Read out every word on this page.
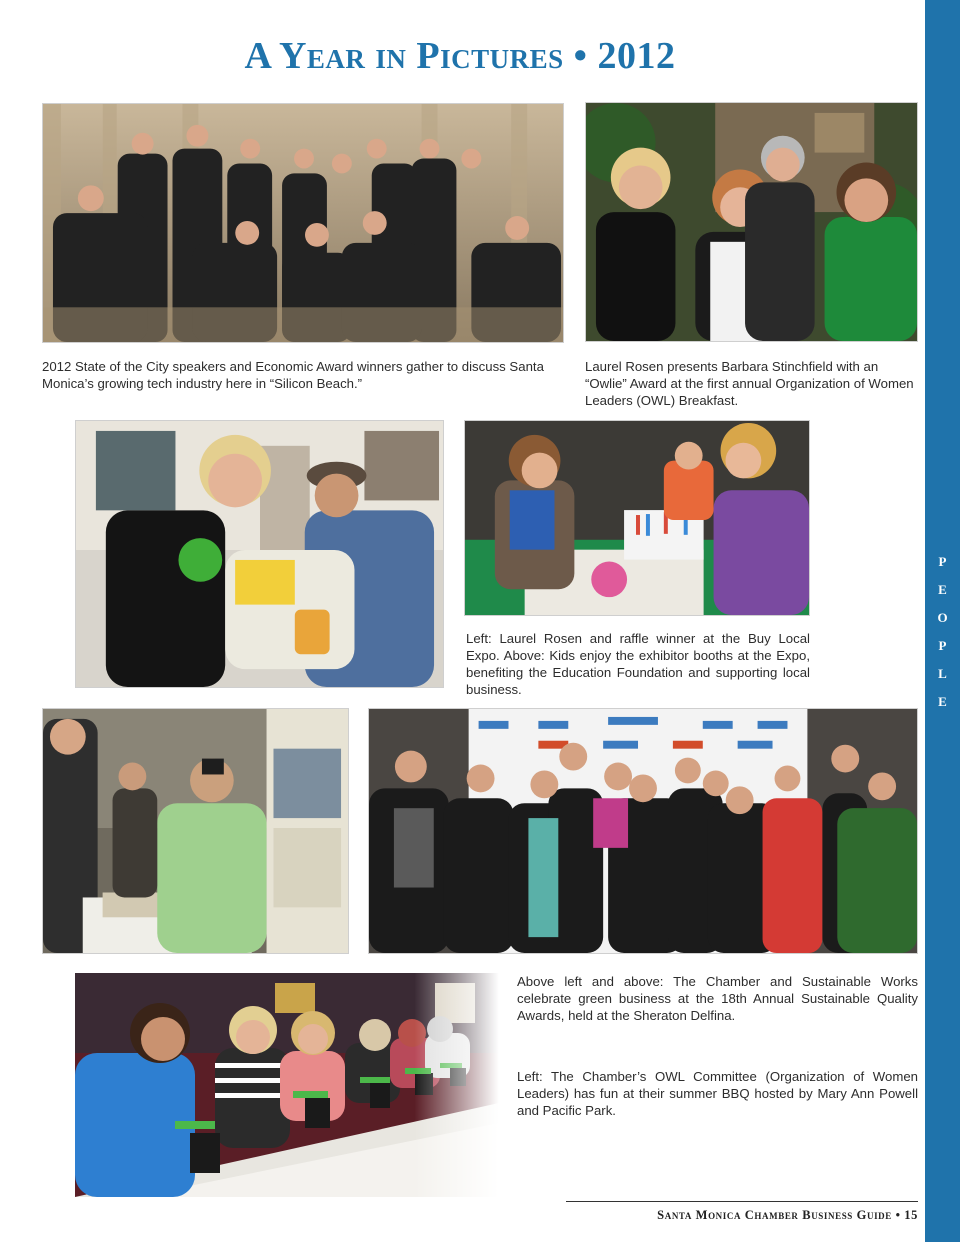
A Year in Pictures • 2012
P E O P L E
2012 State of the City speakers and Economic Award winners gather to discuss Santa Monica’s growing tech industry here in “Silicon Beach.”
Laurel Rosen presents Barbara Stinchfield with an “Owlie” Award at the first annual Organization of Women Leaders (OWL) Breakfast.
Left: Laurel Rosen and raffle winner at the Buy Local Expo. Above: Kids enjoy the exhibitor booths at the Expo, benefiting the Education Foundation and supporting local business.
Above left and above: The Chamber and Sustainable Works celebrate green business at the 18th Annual Sustainable Quality Awards, held at the Sheraton Delfina.
Left: The Chamber’s OWL Committee (Organization of Women Leaders) has fun at their summer BBQ hosted by Mary Ann Powell and Pacific Park.
Santa Monica Chamber Business Guide • 15
